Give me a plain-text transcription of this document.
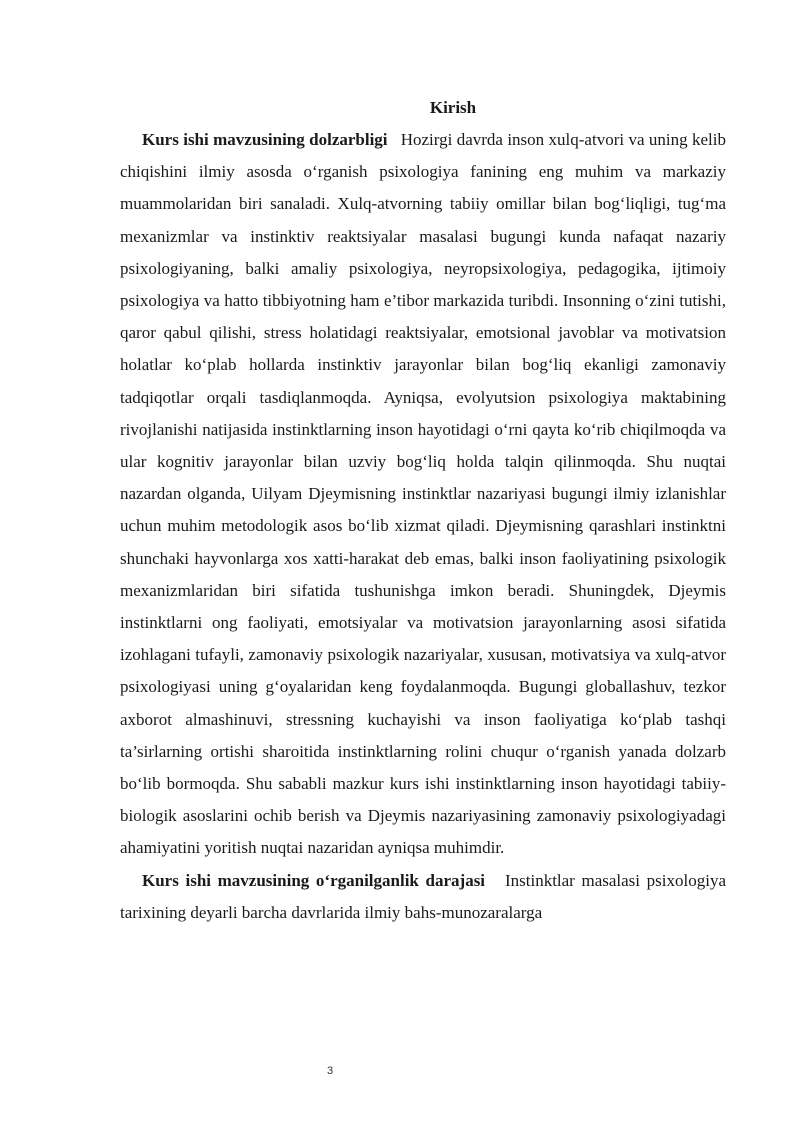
Kirish

Kurs ishi mavzusining dolzarbligi Hozirgi davrda inson xulq-atvori va uning kelib chiqishini ilmiy asosda o‘rganish psixologiya fanining eng muhim va markaziy muammolaridan biri sanaladi. Xulq-atvorning tabiiy omillar bilan bog‘liqligi, tug‘ma mexanizmlar va instinktiv reaktsiyalar masalasi bugungi kunda nafaqat nazariy psixologiyaning, balki amaliy psixologiya, neyropsixologiya, pedagogika, ijtimoiy psixologiya va hatto tibbiyotning ham e’tibor markazida turibdi. Insonning o‘zini tutishi, qaror qabul qilishi, stress holatidagi reaktsiyalar, emotsional javoblar va motivatsion holatlar ko‘plab hollarda instinktiv jarayonlar bilan bog‘liq ekanligi zamonaviy tadqiqotlar orqali tasdiqlanmoqda. Ayniqsa, evolyutsion psixologiya maktabining rivojlanishi natijasida instinktlarning inson hayotidagi o‘rni qayta ko‘rib chiqilmoqda va ular kognitiv jarayonlar bilan uzviy bog‘liq holda talqin qilinmoqda. Shu nuqtai nazardan olganda, Uilyam Djeymisning instinktlar nazariyasi bugungi ilmiy izlanishlar uchun muhim metodologik asos bo‘lib xizmat qiladi. Djeymisning qarashlari instinktni shunchaki hayvonlarga xos xatti-harakat deb emas, balki inson faoliyatining psixologik mexanizmlaridan biri sifatida tushunishga imkon beradi. Shuningdek, Djeymis instinktlarni ong faoliyati, emotsiyalar va motivatsion jarayonlarning asosi sifatida izohlagani tufayli, zamonaviy psixologik nazariyalar, xususan, motivatsiya va xulq-atvor psixologiyasi uning g‘oyalaridan keng foydalanmoqda. Bugungi globallashuv, tezkor axborot almashinuvi, stressning kuchayishi va inson faoliyatiga ko‘plab tashqi ta’sirlarning ortishi sharoitida instinktlarning rolini chuqur o‘rganish yanada dolzarb bo‘lib bormoqda. Shu sababli mazkur kurs ishi instinktlarning inson hayotidagi tabiiy-biologik asoslarini ochib berish va Djeymis nazariyasining zamonaviy psixologiyadagi ahamiyatini yoritish nuqtai nazaridan ayniqsa muhimdir.

Kurs ishi mavzusining o‘rganilganlik darajasi Instinktlar masalasi psixologiya tarixining deyarli barcha davrlarida ilmiy bahs-munozaralarga

3
